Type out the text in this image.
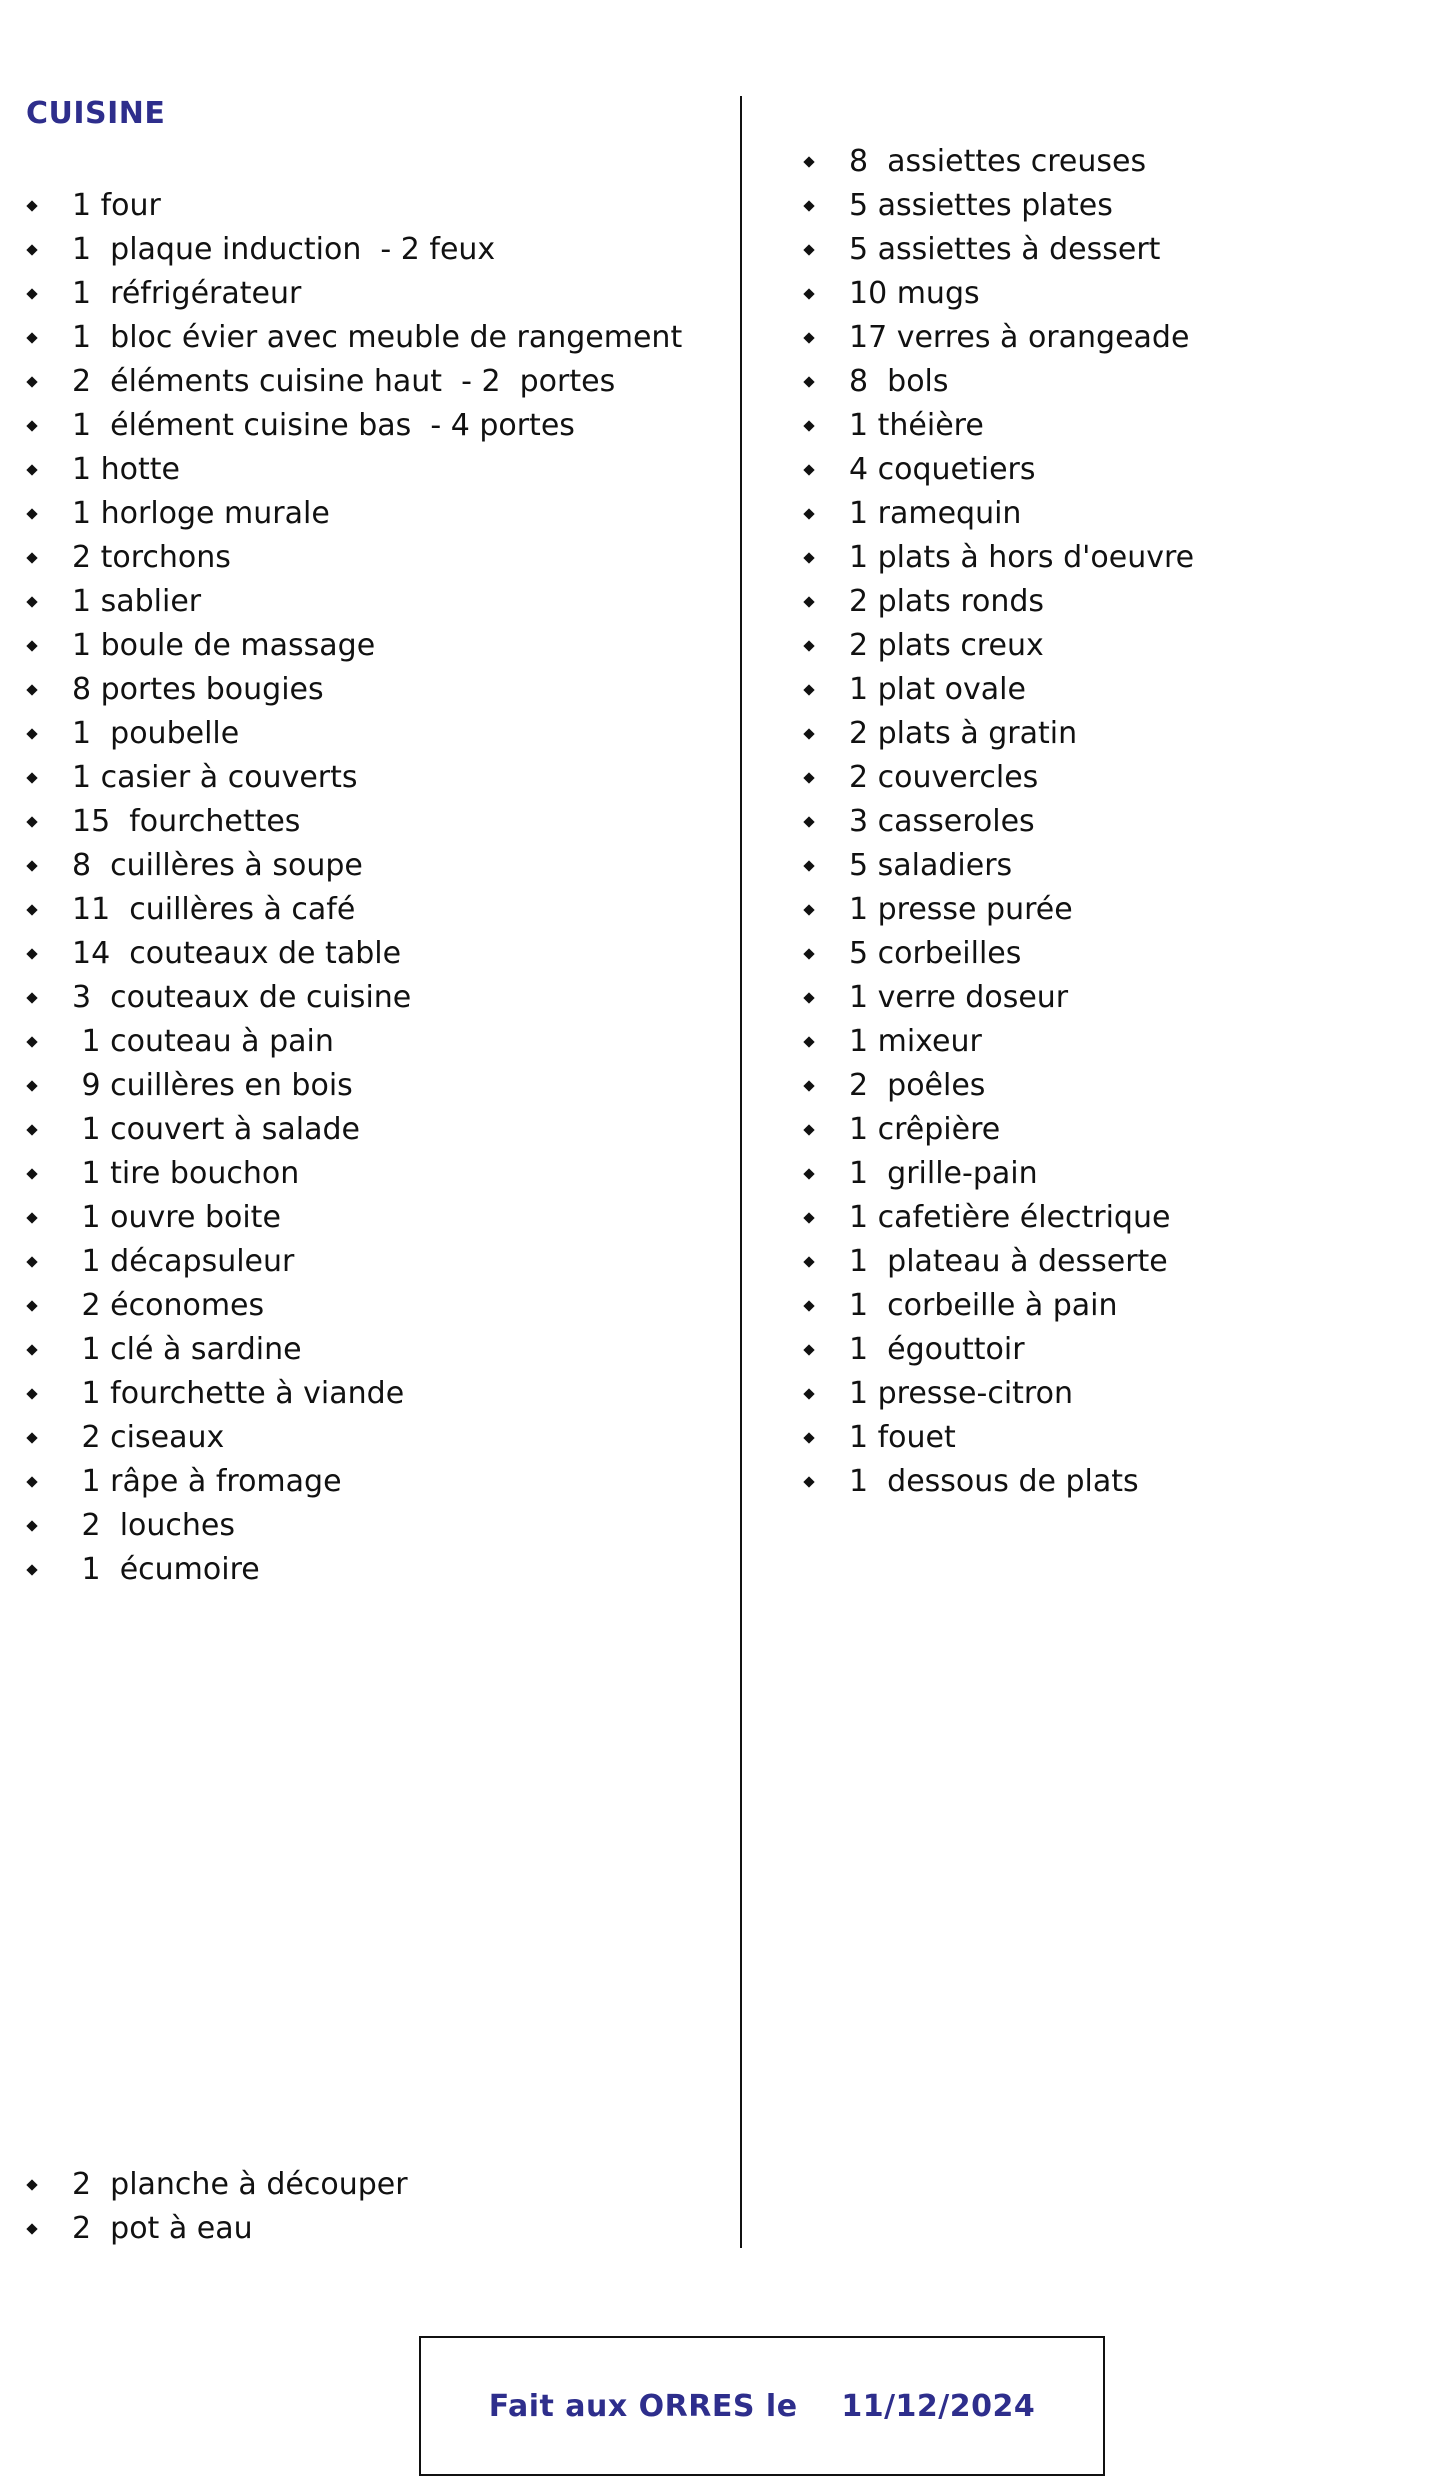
CUISINE
1 four
1  plaque induction  - 2 feux
1  réfrigérateur
1  bloc évier avec meuble de rangement
2  éléments cuisine haut  - 2  portes
1  élément cuisine bas  - 4 portes
1 hotte
1 horloge murale
2 torchons
1 sablier
1 boule de massage
8 portes bougies
1  poubelle
1 casier à couverts
15  fourchettes
8  cuillères à soupe
11  cuillères à café
14  couteaux de table
3  couteaux de cuisine
1 couteau à pain
9 cuillères en bois
1 couvert à salade
1 tire bouchon
1 ouvre boite
1 décapsuleur
2 économes
1 clé à sardine
1 fourchette à viande
2 ciseaux
1 râpe à fromage
2  louches
1  écumoire
2  planche à découper
2  pot à eau
8  assiettes creuses
5 assiettes plates
5 assiettes à dessert
10 mugs
17 verres à orangeade
8  bols
1 théière
4 coquetiers
1 ramequin
1 plats à hors d'oeuvre
2 plats ronds
2 plats creux
1 plat ovale
2 plats à gratin
2 couvercles
3 casseroles
5 saladiers
1 presse purée
5 corbeilles
1 verre doseur
1 mixeur
2  poêles
1 crêpière
1  grille-pain
1 cafetière électrique
1  plateau à desserte
1  corbeille à pain
1  égouttoir
1 presse-citron
1 fouet
1  dessous de plats
Fait aux ORRES le    11/12/2024
